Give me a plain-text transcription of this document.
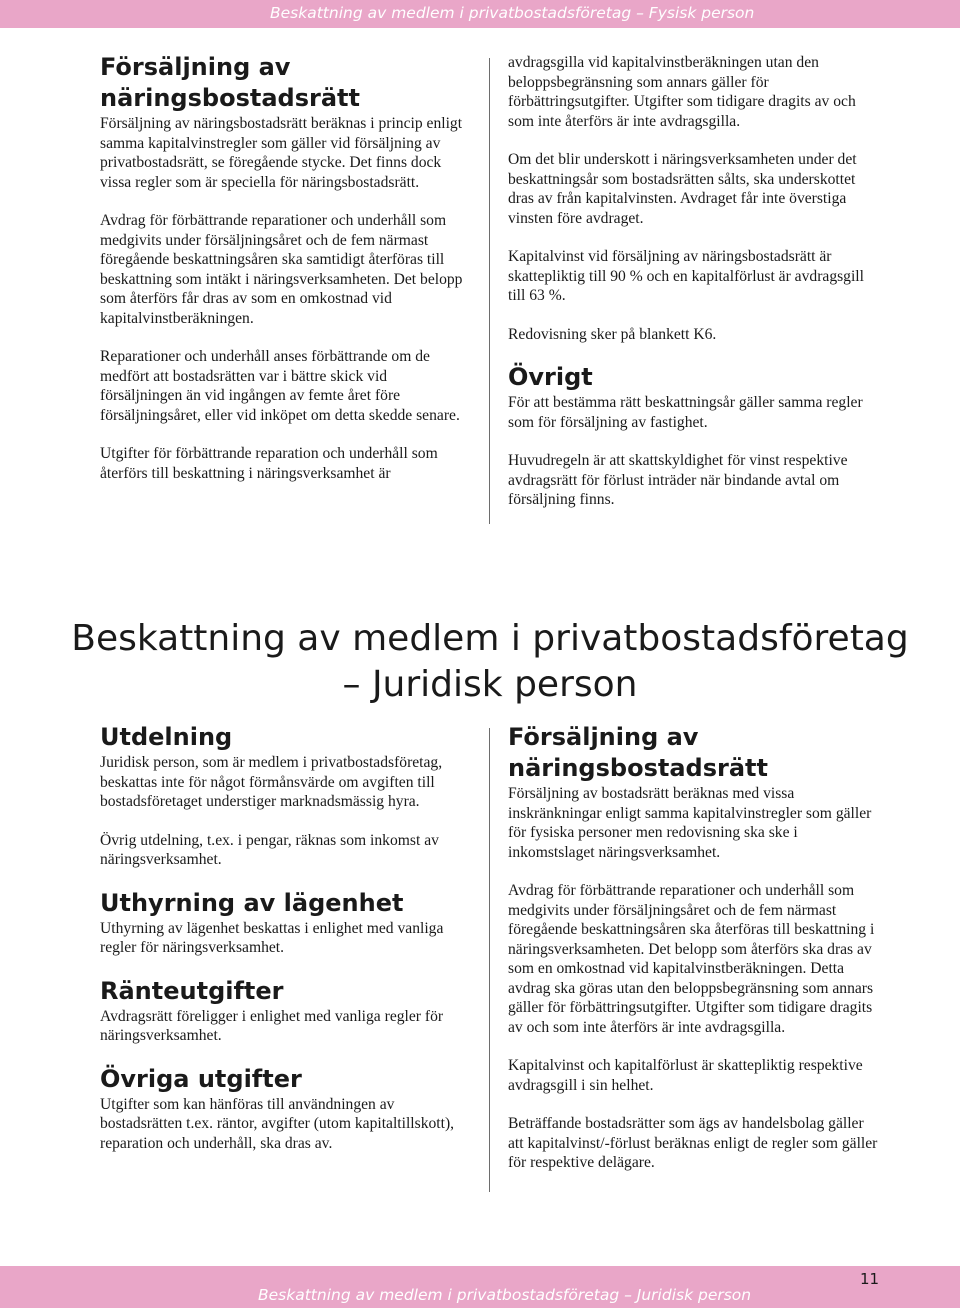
Beskattning av medlem i privatbostadsföretag – Fysisk person
Försäljning av näringsbostadsrätt

Försäljning av näringsbostadsrätt beräknas i princip enligt samma kapitalvinstregler som gäller vid försäljning av privatbostadsrätt, se föregående stycke. Det finns dock vissa regler som är speciella för näringsbostadsrätt.

Avdrag för förbättrande reparationer och underhåll som medgivits under försäljningsåret och de fem närmast föregående beskattningsåren ska samtidigt återföras till beskattning som intäkt i näringsverksamheten. Det belopp som återförs får dras av som en omkostnad vid kapitalvinstberäkningen.

Reparationer och underhåll anses förbättrande om de medfört att bostadsrätten var i bättre skick vid försäljningen än vid ingången av femte året före försäljningsåret, eller vid inköpet om detta skedde senare.

Utgifter för förbättrande reparation och underhåll som återförs till beskattning i näringsverksamhet är

avdragsgilla vid kapitalvinstberäkningen utan den beloppsbegränsning som annars gäller för förbättringsutgifter. Utgifter som tidigare dragits av och som inte återförs är inte avdragsgilla.

Om det blir underskott i näringsverksamheten under det beskattningsår som bostadsrätten sålts, ska underskottet dras av från kapitalvinsten. Avdraget får inte överstiga vinsten före avdraget.

Kapitalvinst vid försäljning av näringsbostadsrätt är skattepliktig till 90 % och en kapitalförlust är avdragsgill till 63 %.

Redovisning sker på blankett K6.

Övrigt

För att bestämma rätt beskattningsår gäller samma regler som för försäljning av fastighet.

Huvudregeln är att skattskyldighet för vinst respektive avdragsrätt för förlust inträder när bindande avtal om försäljning finns.

Beskattning av medlem i privatbostadsföretag – Juridisk person
Utdelning

Juridisk person, som är medlem i privatbostadsföretag, beskattas inte för något förmånsvärde om avgiften till bostadsföretaget understiger marknadsmässig hyra.

Övrig utdelning, t.ex. i pengar, räknas som inkomst av näringsverksamhet.

Uthyrning av lägenhet

Uthyrning av lägenhet beskattas i enlighet med vanliga regler för näringsverksamhet.

Ränteutgifter

Avdragsrätt föreligger i enlighet med vanliga regler för näringsverksamhet.

Övriga utgifter

Utgifter som kan hänföras till användningen av bostadsrätten t.ex. räntor, avgifter (utom kapitaltillskott), reparation och underhåll, ska dras av.

Försäljning av näringsbostadsrätt

Försäljning av bostadsrätt beräknas med vissa inskränkningar enligt samma kapitalvinstregler som gäller för fysiska personer men redovisning ska ske i inkomstslaget näringsverksamhet.

Avdrag för förbättrande reparationer och underhåll som medgivits under försäljningsåret och de fem närmast föregående beskattningsåren ska återföras till beskattning i näringsverksamheten. Det belopp som återförs ska dras av som en omkostnad vid kapitalvinstberäkningen. Detta avdrag ska göras utan den beloppsbegränsning som annars gäller för förbättringsutgifter. Utgifter som tidigare dragits av och som inte återförs är inte avdragsgilla.

Kapitalvinst och kapitalförlust är skattepliktig respektive avdragsgill i sin helhet.

Beträffande bostadsrätter som ägs av handelsbolag gäller att kapitalvinst/-förlust beräknas enligt de regler som gäller för respektive delägare.

11
Beskattning av medlem i privatbostadsföretag – Juridisk person
